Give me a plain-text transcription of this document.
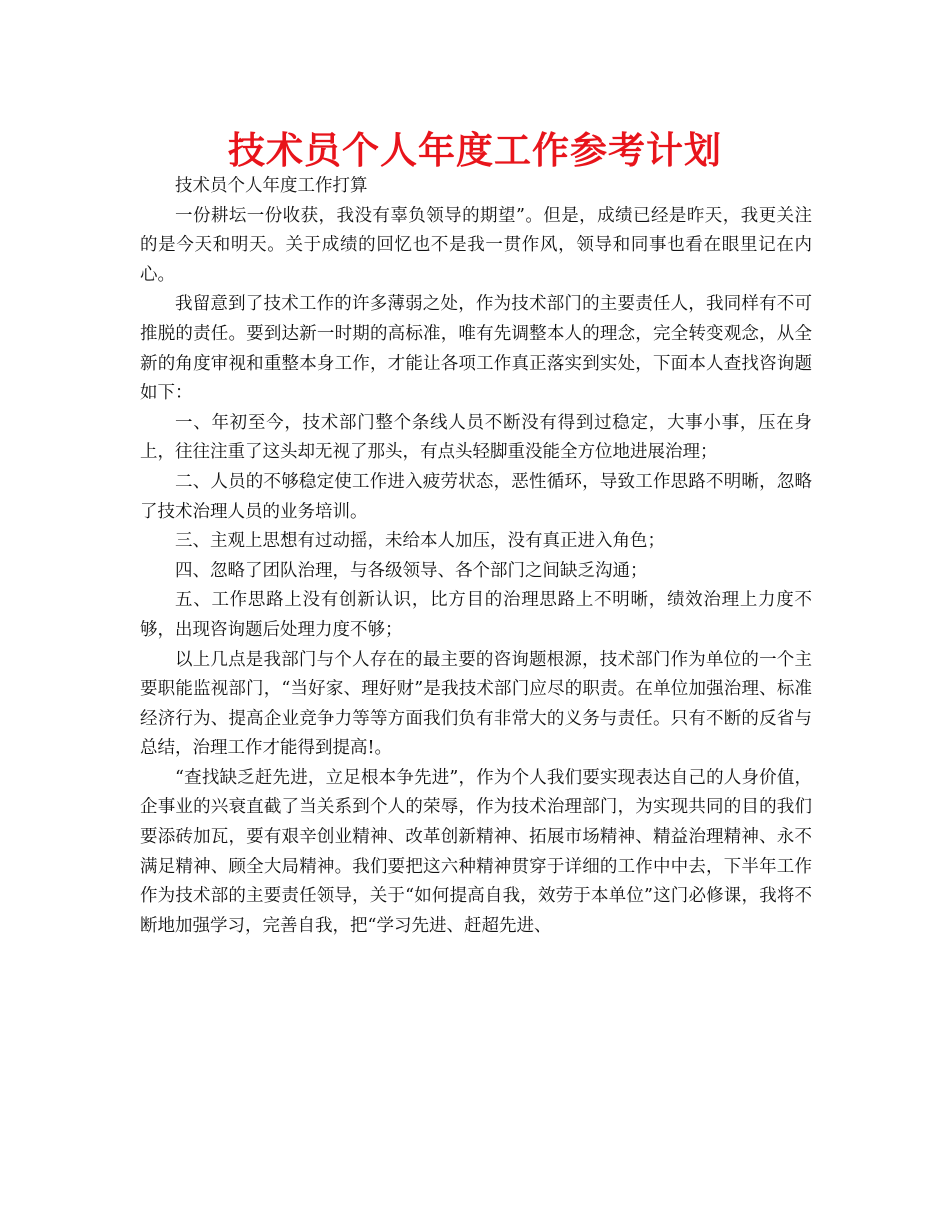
技术员个人年度工作参考计划

技术员个人年度工作打算

一份耕坛一份收获，我没有辜负领导的期望”。但是，成绩已经是昨天，我更关注的是今天和明天。关于成绩的回忆也不是我一贯作风，领导和同事也看在眼里记在内心。

我留意到了技术工作的许多薄弱之处，作为技术部门的主要责任人，我同样有不可推脱的责任。要到达新一时期的高标准，唯有先调整本人的理念，完全转变观念，从全新的角度审视和重整本身工作，才能让各项工作真正落实到实处，下面本人查找咨询题如下：

一、年初至今，技术部门整个条线人员不断没有得到过稳定，大事小事，压在身上，往往注重了这头却无视了那头，有点头轻脚重没能全方位地进展治理；

二、人员的不够稳定使工作进入疲劳状态，恶性循环，导致工作思路不明晰，忽略了技术治理人员的业务培训。

三、主观上思想有过动摇，未给本人加压，没有真正进入角色；

四、忽略了团队治理，与各级领导、各个部门之间缺乏沟通；

五、工作思路上没有创新认识，比方目的治理思路上不明晰，绩效治理上力度不够，出现咨询题后处理力度不够；

以上几点是我部门与个人存在的最主要的咨询题根源，技术部门作为单位的一个主要职能监视部门，“当好家、理好财”是我技术部门应尽的职责。在单位加强治理、标准经济行为、提高企业竞争力等等方面我们负有非常大的义务与责任。只有不断的反省与总结，治理工作才能得到提高!。

“查找缺乏赶先进，立足根本争先进”，作为个人我们要实现表达自己的人身价值，企事业的兴衰直截了当关系到个人的荣辱，作为技术治理部门，为实现共同的目的我们要添砖加瓦，要有艰辛创业精神、改革创新精神、拓展市场精神、精益治理精神、永不满足精神、顾全大局精神。我们要把这六种精神贯穿于详细的工作中中去，下半年工作作为技术部的主要责任领导，关于“如何提高自我，效劳于本单位”这门必修课，我将不断地加强学习，完善自我，把“学习先进、赶超先进、
